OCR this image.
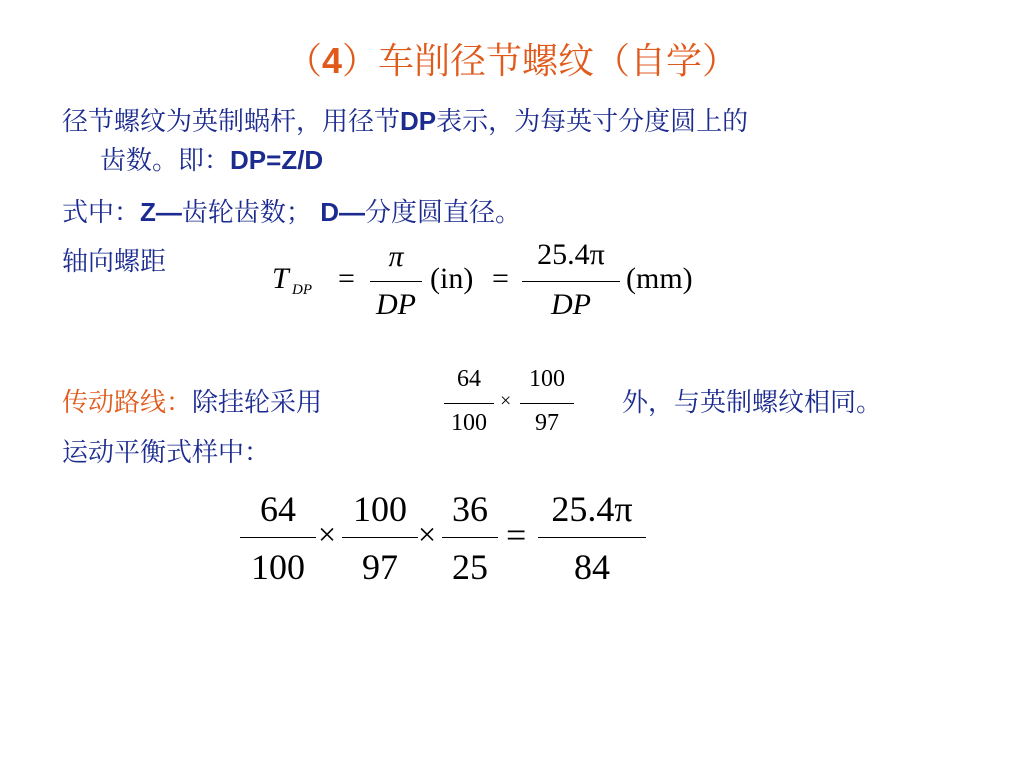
（4）车削径节螺纹（自学）
径节螺纹为英制蜗杆，用径节DP表示，为每英寸分度圆上的
齿数。即：DP=Z/D
式中：Z—齿轮齿数； D—分度圆直径。
轴向螺距	T DP =
π
DP
(in) =
25.4π
DP
(mm)
传动路线：除挂轮采用	外，与英制螺纹相同。
64
100
×
100
97
运动平衡式样中：
64
100
×
100
97
×
36
25
=
25.4π
84
